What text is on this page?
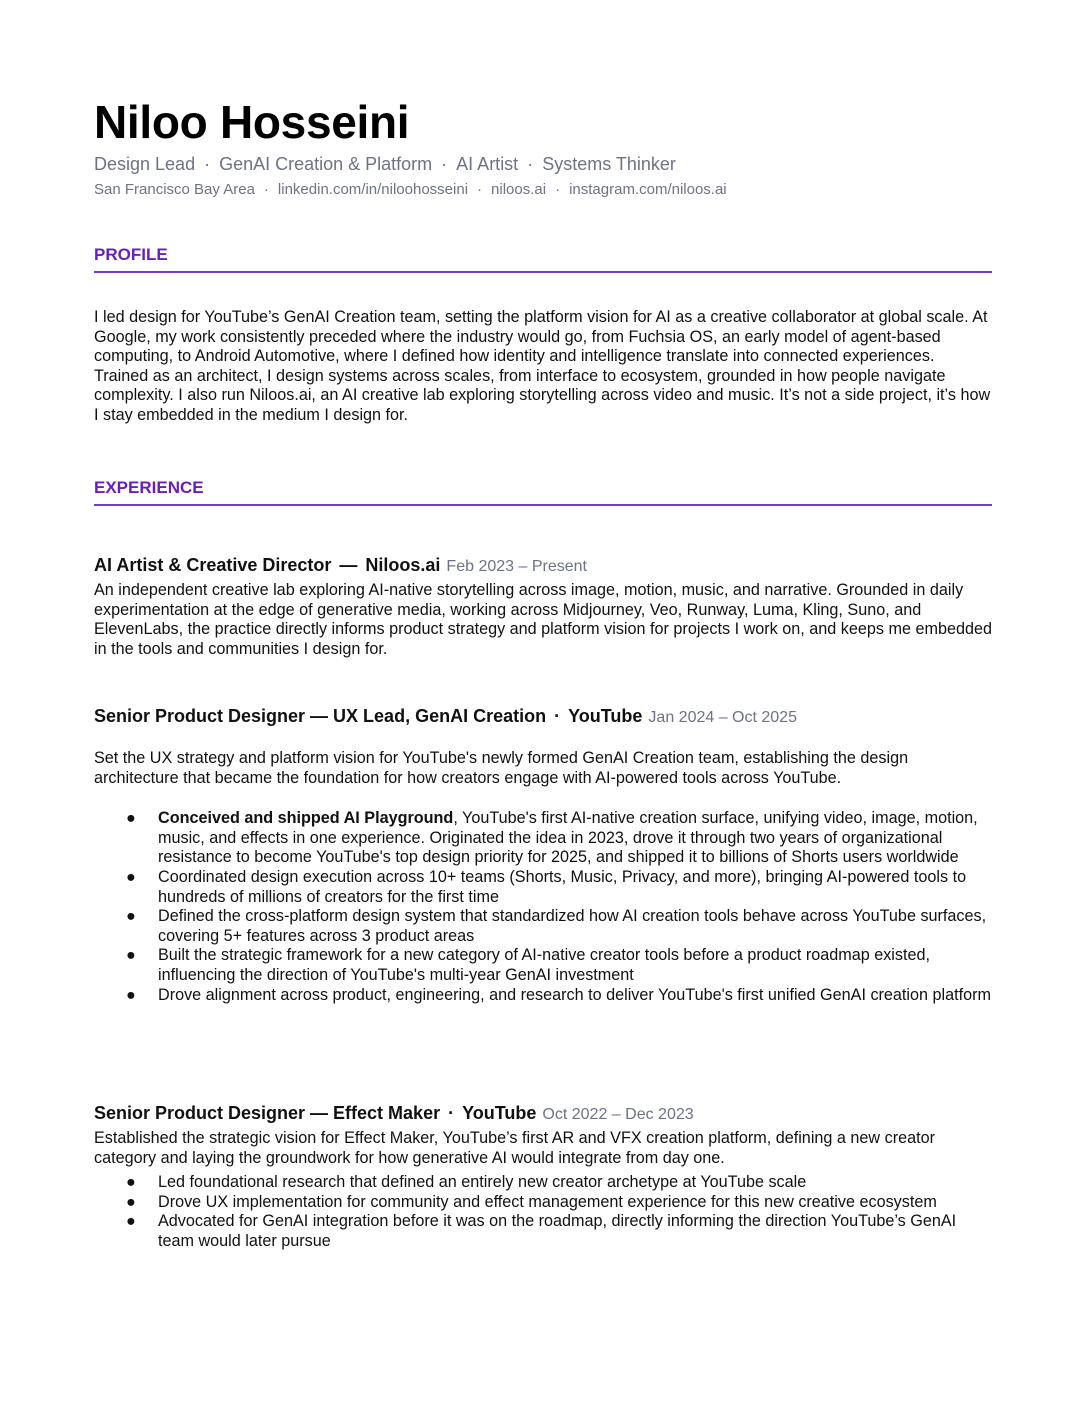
Niloo Hosseini
Design Lead · GenAI Creation & Platform · AI Artist · Systems Thinker
San Francisco Bay Area · linkedin.com/in/niloohosseini · niloos.ai · instagram.com/niloos.ai
PROFILE
I led design for YouTube’s GenAI Creation team, setting the platform vision for AI as a creative collaborator at global scale. At Google, my work consistently preceded where the industry would go, from Fuchsia OS, an early model of agent-based computing, to Android Automotive, where I defined how identity and intelligence translate into connected experiences. Trained as an architect, I design systems across scales, from interface to ecosystem, grounded in how people navigate complexity. I also run Niloos.ai, an AI creative lab exploring storytelling across video and music. It’s not a side project, it’s how I stay embedded in the medium I design for.
EXPERIENCE
AI Artist & Creative Director — Niloos.ai Feb 2023 – Present
An independent creative lab exploring AI-native storytelling across image, motion, music, and narrative. Grounded in daily experimentation at the edge of generative media, working across Midjourney, Veo, Runway, Luma, Kling, Suno, and ElevenLabs, the practice directly informs product strategy and platform vision for projects I work on, and keeps me embedded in the tools and communities I design for.
Senior Product Designer — UX Lead, GenAI Creation · YouTube Jan 2024 – Oct 2025
Set the UX strategy and platform vision for YouTube's newly formed GenAI Creation team, establishing the design architecture that became the foundation for how creators engage with AI-powered tools across YouTube.
● Conceived and shipped AI Playground, YouTube's first AI-native creation surface, unifying video, image, motion, music, and effects in one experience. Originated the idea in 2023, drove it through two years of organizational resistance to become YouTube's top design priority for 2025, and shipped it to billions of Shorts users worldwide
● Coordinated design execution across 10+ teams (Shorts, Music, Privacy, and more), bringing AI-powered tools to hundreds of millions of creators for the first time
● Defined the cross-platform design system that standardized how AI creation tools behave across YouTube surfaces, covering 5+ features across 3 product areas
● Built the strategic framework for a new category of AI-native creator tools before a product roadmap existed, influencing the direction of YouTube's multi-year GenAI investment
● Drove alignment across product, engineering, and research to deliver YouTube's first unified GenAI creation platform
Senior Product Designer — Effect Maker · YouTube Oct 2022 – Dec 2023
Established the strategic vision for Effect Maker, YouTube’s first AR and VFX creation platform, defining a new creator category and laying the groundwork for how generative AI would integrate from day one.
● Led foundational research that defined an entirely new creator archetype at YouTube scale
● Drove UX implementation for community and effect management experience for this new creative ecosystem
● Advocated for GenAI integration before it was on the roadmap, directly informing the direction YouTube’s GenAI team would later pursue
